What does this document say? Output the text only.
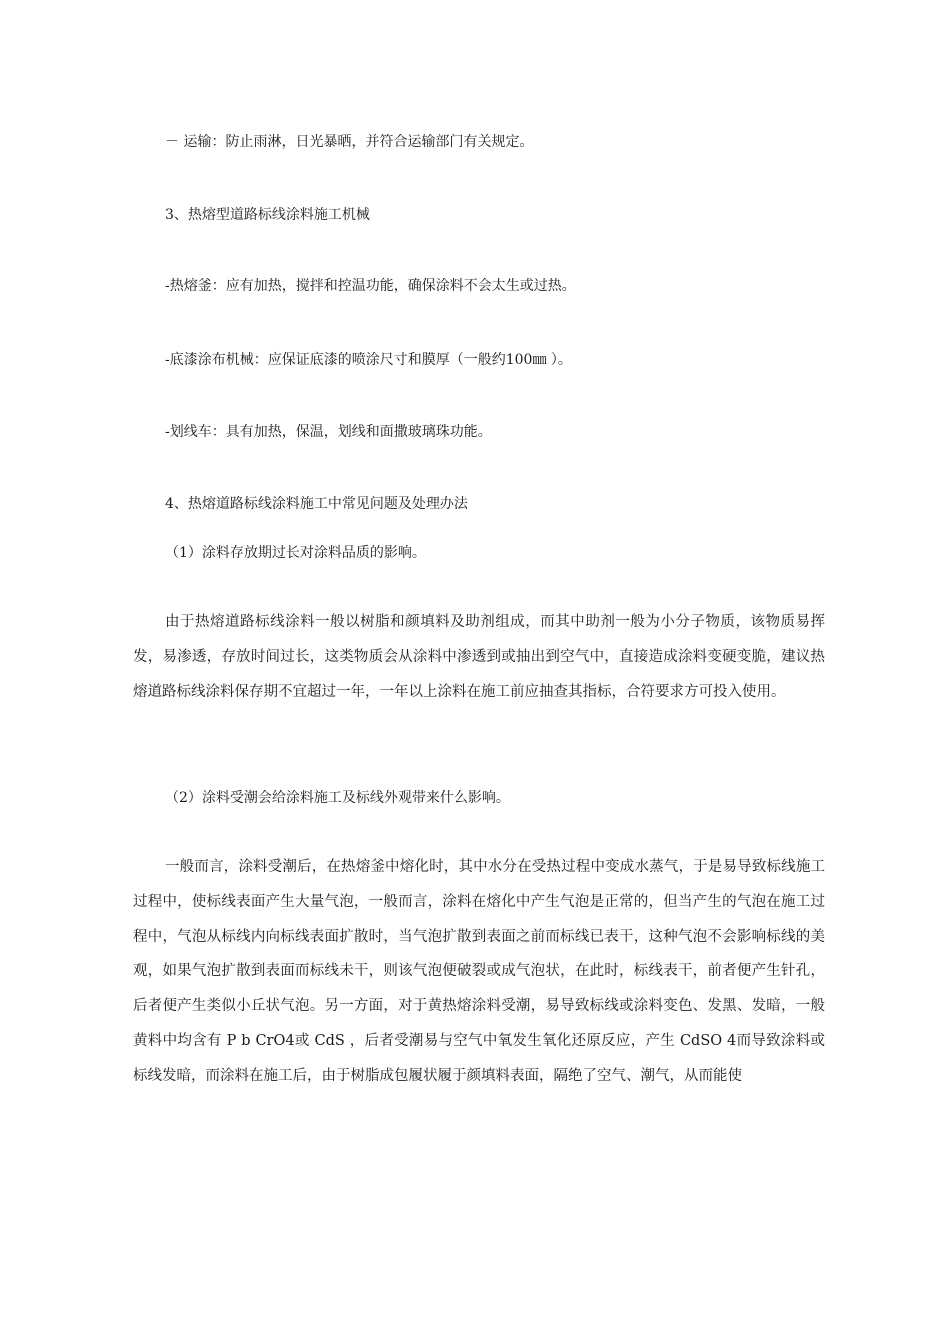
－ 运输：防止雨淋，日光暴晒，并符合运输部门有关规定。
3、热熔型道路标线涂料施工机械
-热熔釜：应有加热，搅拌和控温功能，确保涂料不会太生或过热。
-底漆涂布机械：应保证底漆的喷涂尺寸和膜厚（一般约100㎜ ）。
-划线车：具有加热，保温，划线和面撒玻璃珠功能。
4、热熔道路标线涂料施工中常见问题及处理办法
（1）涂料存放期过长对涂料品质的影响。

由于热熔道路标线涂料一般以树脂和颜填料及助剂组成，而其中助剂一般为小分子物质，该物质易挥发，易渗透，存放时间过长，这类物质会从涂料中渗透到或抽出到空气中，直接造成涂料变硬变脆，建议热熔道路标线涂料保存期不宜超过一年，一年以上涂料在施工前应抽查其指标，合符要求方可投入使用。

（2）涂料受潮会给涂料施工及标线外观带来什么影响。

一般而言，涂料受潮后，在热熔釜中熔化时，其中水分在受热过程中变成水蒸气，于是易导致标线施工过程中，使标线表面产生大量气泡，一般而言，涂料在熔化中产生气泡是正常的，但当产生的气泡在施工过程中，气泡从标线内向标线表面扩散时，当气泡扩散到表面之前而标线已表干，这种气泡不会影响标线的美观，如果气泡扩散到表面而标线未干，则该气泡便破裂或成气泡状，在此时，标线表干，前者便产生针孔，后者便产生类似小丘状气泡。另一方面，对于黄热熔涂料受潮，易导致标线或涂料变色、发黑、发暗，一般黄料中均含有 P b CrO4或 CdS ，后者受潮易与空气中氧发生氧化还原反应，产生 CdSO 4而导致涂料或标线发暗，而涂料在施工后，由于树脂成包履状履于颜填料表面，隔绝了空气、潮气，从而能使
